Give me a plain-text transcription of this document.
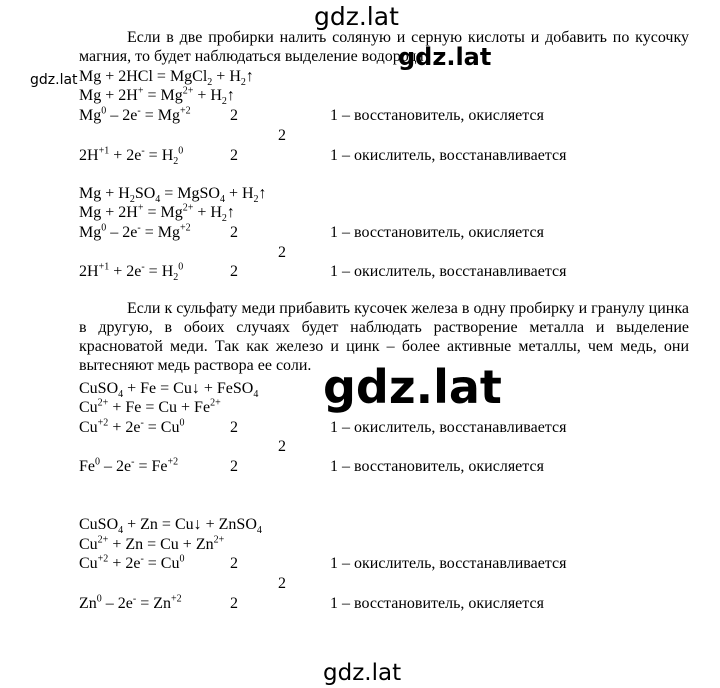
gdz.lat
gdz.lat
gdz.lat
gdz.lat
gdz.lat
Если в две пробирки налить соляную и серную кислоты и добавить по кусочку магния, то будет наблюдаться выделение водорода
Mg + 2HCl = MgCl$_2$ + $H_2↑$
$Mg + 2H^+ = Mg^{2+}$ + $H_2↑$
$Mg^0 - 2e^- = Mg^{+2}$ 2	1 – восстановитель, окисляется
2
$2H^{+1} + 2e^- = H_2^0$	2	1 – окислитель, восстанавливается
$Mg + H_2SO_4$ = MgSO$_4$ + $H_2↑$
$Mg + 2H^+ = Mg^{2+}$ + $H_2↑$
$Mg^0 - 2e^- = Mg^{+2}$ 2	1 – восстановитель, окисляется
2
$2H^{+1} + 2e^- = H_2^0$	2	1 – окислитель, восстанавливается
Если к сульфату меди прибавить кусочек железа в одну пробирку и гранулу цинка в другую, в обоих случаях будет наблюдать растворение металла и выделение красноватой меди. Так как железо и цинк – более активные металлы, чем медь, они вытесняют медь раствора ее соли.
CuSO$_4$ + Fe = Cu↓ + FeSO$_4$
$Cu^{2+} + Fe = Cu + Fe^{2+}$
$Cu^{+2} + 2e^- = Cu^0$	2	1 – окислитель, восстанавливается
2
$Fe^0 - 2e^- = Fe^{+2}$	2	1 – восстановитель, окисляется
CuSO$_4$ + Zn = Cu↓ + ZnSO$_4$
$Cu^{2+} + Zn = Cu + Zn^{2+}$
$Cu^{+2} + 2e^- = Cu^0$	2	1 – окислитель, восстанавливается
2
$Zn^0 - 2e^- = Zn^{+2}$	2	1 – восстановитель, окисляется
